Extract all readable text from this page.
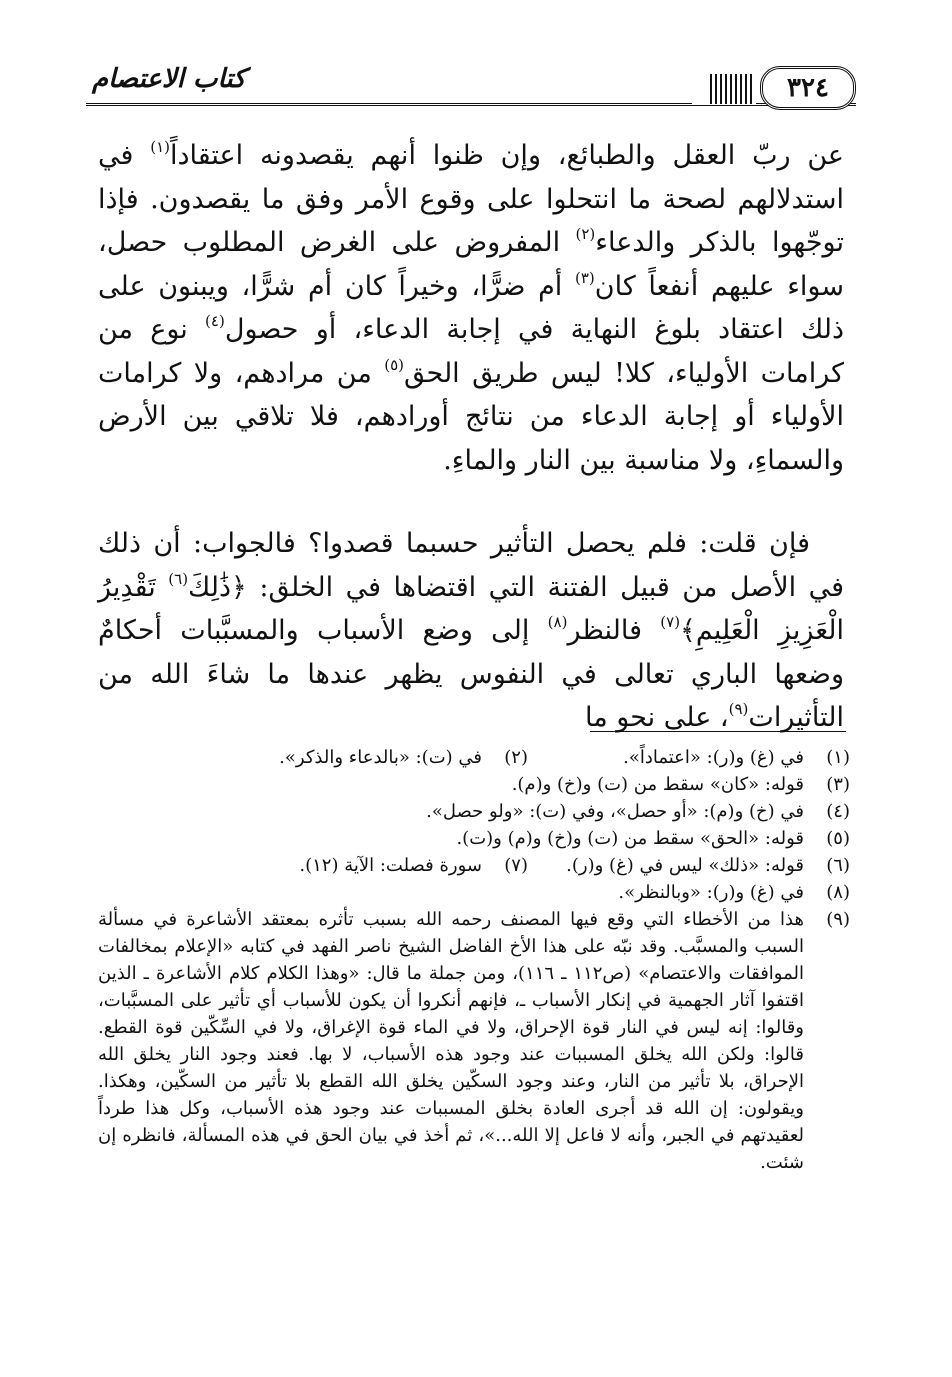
٣٢٤
كتاب الاعتصام

عن ربّ العقل والطبائع، وإن ظنوا أنهم يقصدونه اعتقاداً$^{(١)}$ في استدلالهم لصحة ما انتحلوا على وقوع الأمر وفق ما يقصدون. فإذا توجّهوا بالذكر والدعاء$^{(٢)}$ المفروض على الغرض المطلوب حصل، سواء عليهم أنفعاً كان$^{(٣)}$ أم ضرًّا، وخيراً كان أم شرًّا، ويبنون على ذلك اعتقاد بلوغ النهاية في إجابة الدعاء، أو حصول$^{(٤)}$ نوع من كرامات الأولياء، كلا! ليس طريق الحق$^{(٥)}$ من مرادهم، ولا كرامات الأولياء أو إجابة الدعاء من نتائج أورادهم، فلا تلاقي بين الأرض والسماءِ، ولا مناسبة بين النار والماءِ.

فإن قلت: فلم يحصل التأثير حسبما قصدوا؟ فالجواب: أن ذلك في الأصل من قبيل الفتنة التي اقتضاها في الخلق: ﴿ذَٰلِكَ$^{(٦)}$ تَقْدِيرُ الْعَزِيزِ الْعَلِيمِ﴾$^{(٧)}$ فالنظر$^{(٨)}$ إلى وضع الأسباب والمسبَّبات أحكامٌ وضعها الباري تعالى في النفوس يظهر عندها ما شاءَ الله من التأثيرات$^{(٩)}$، على نحو ما

(١)
في (غ) و(ر): «اعتماداً».
(٢)
في (ت): «بالدعاء والذكر».
(٣)
قوله: «كان» سقط من (ت) و(خ) و(م).
(٤)
في (خ) و(م): «أو حصل»، وفي (ت): «ولو حصل».
(٥)
قوله: «الحق» سقط من (ت) و(خ) و(م) و(ت).
(٦)
قوله: «ذلك» ليس في (غ) و(ر).
(٧)
سورة فصلت: الآية (١٢).
(٨)
في (غ) و(ر): «وبالنظر».
(٩)
هذا من الأخطاء التي وقع فيها المصنف رحمه الله بسبب تأثره بمعتقد الأشاعرة في مسألة السبب والمسبَّب. وقد نبّه على هذا الأخ الفاضل الشيخ ناصر الفهد في كتابه «الإعلام بمخالفات الموافقات والاعتصام» (ص١١٢ ـ ١١٦)، ومن جملة ما قال: «وهذا الكلام كلام الأشاعرة ـ الذين اقتفوا آثار الجهمية في إنكار الأسباب ـ، فإنهم أنكروا أن يكون للأسباب أي تأثير على المسبَّبات، وقالوا: إنه ليس في النار قوة الإحراق، ولا في الماء قوة الإغراق، ولا في السِّكّين قوة القطع. قالوا: ولكن الله يخلق المسببات عند وجود هذه الأسباب، لا بها. فعند وجود النار يخلق الله الإحراق، بلا تأثير من النار، وعند وجود السكّين يخلق الله القطع بلا تأثير من السكّين، وهكذا. ويقولون: إن الله قد أجرى العادة بخلق المسببات عند وجود هذه الأسباب، وكل هذا طرداً لعقيدتهم في الجبر، وأنه لا فاعل إلا الله...»، ثم أخذ في بيان الحق في هذه المسألة، فانظره إن شئت.
